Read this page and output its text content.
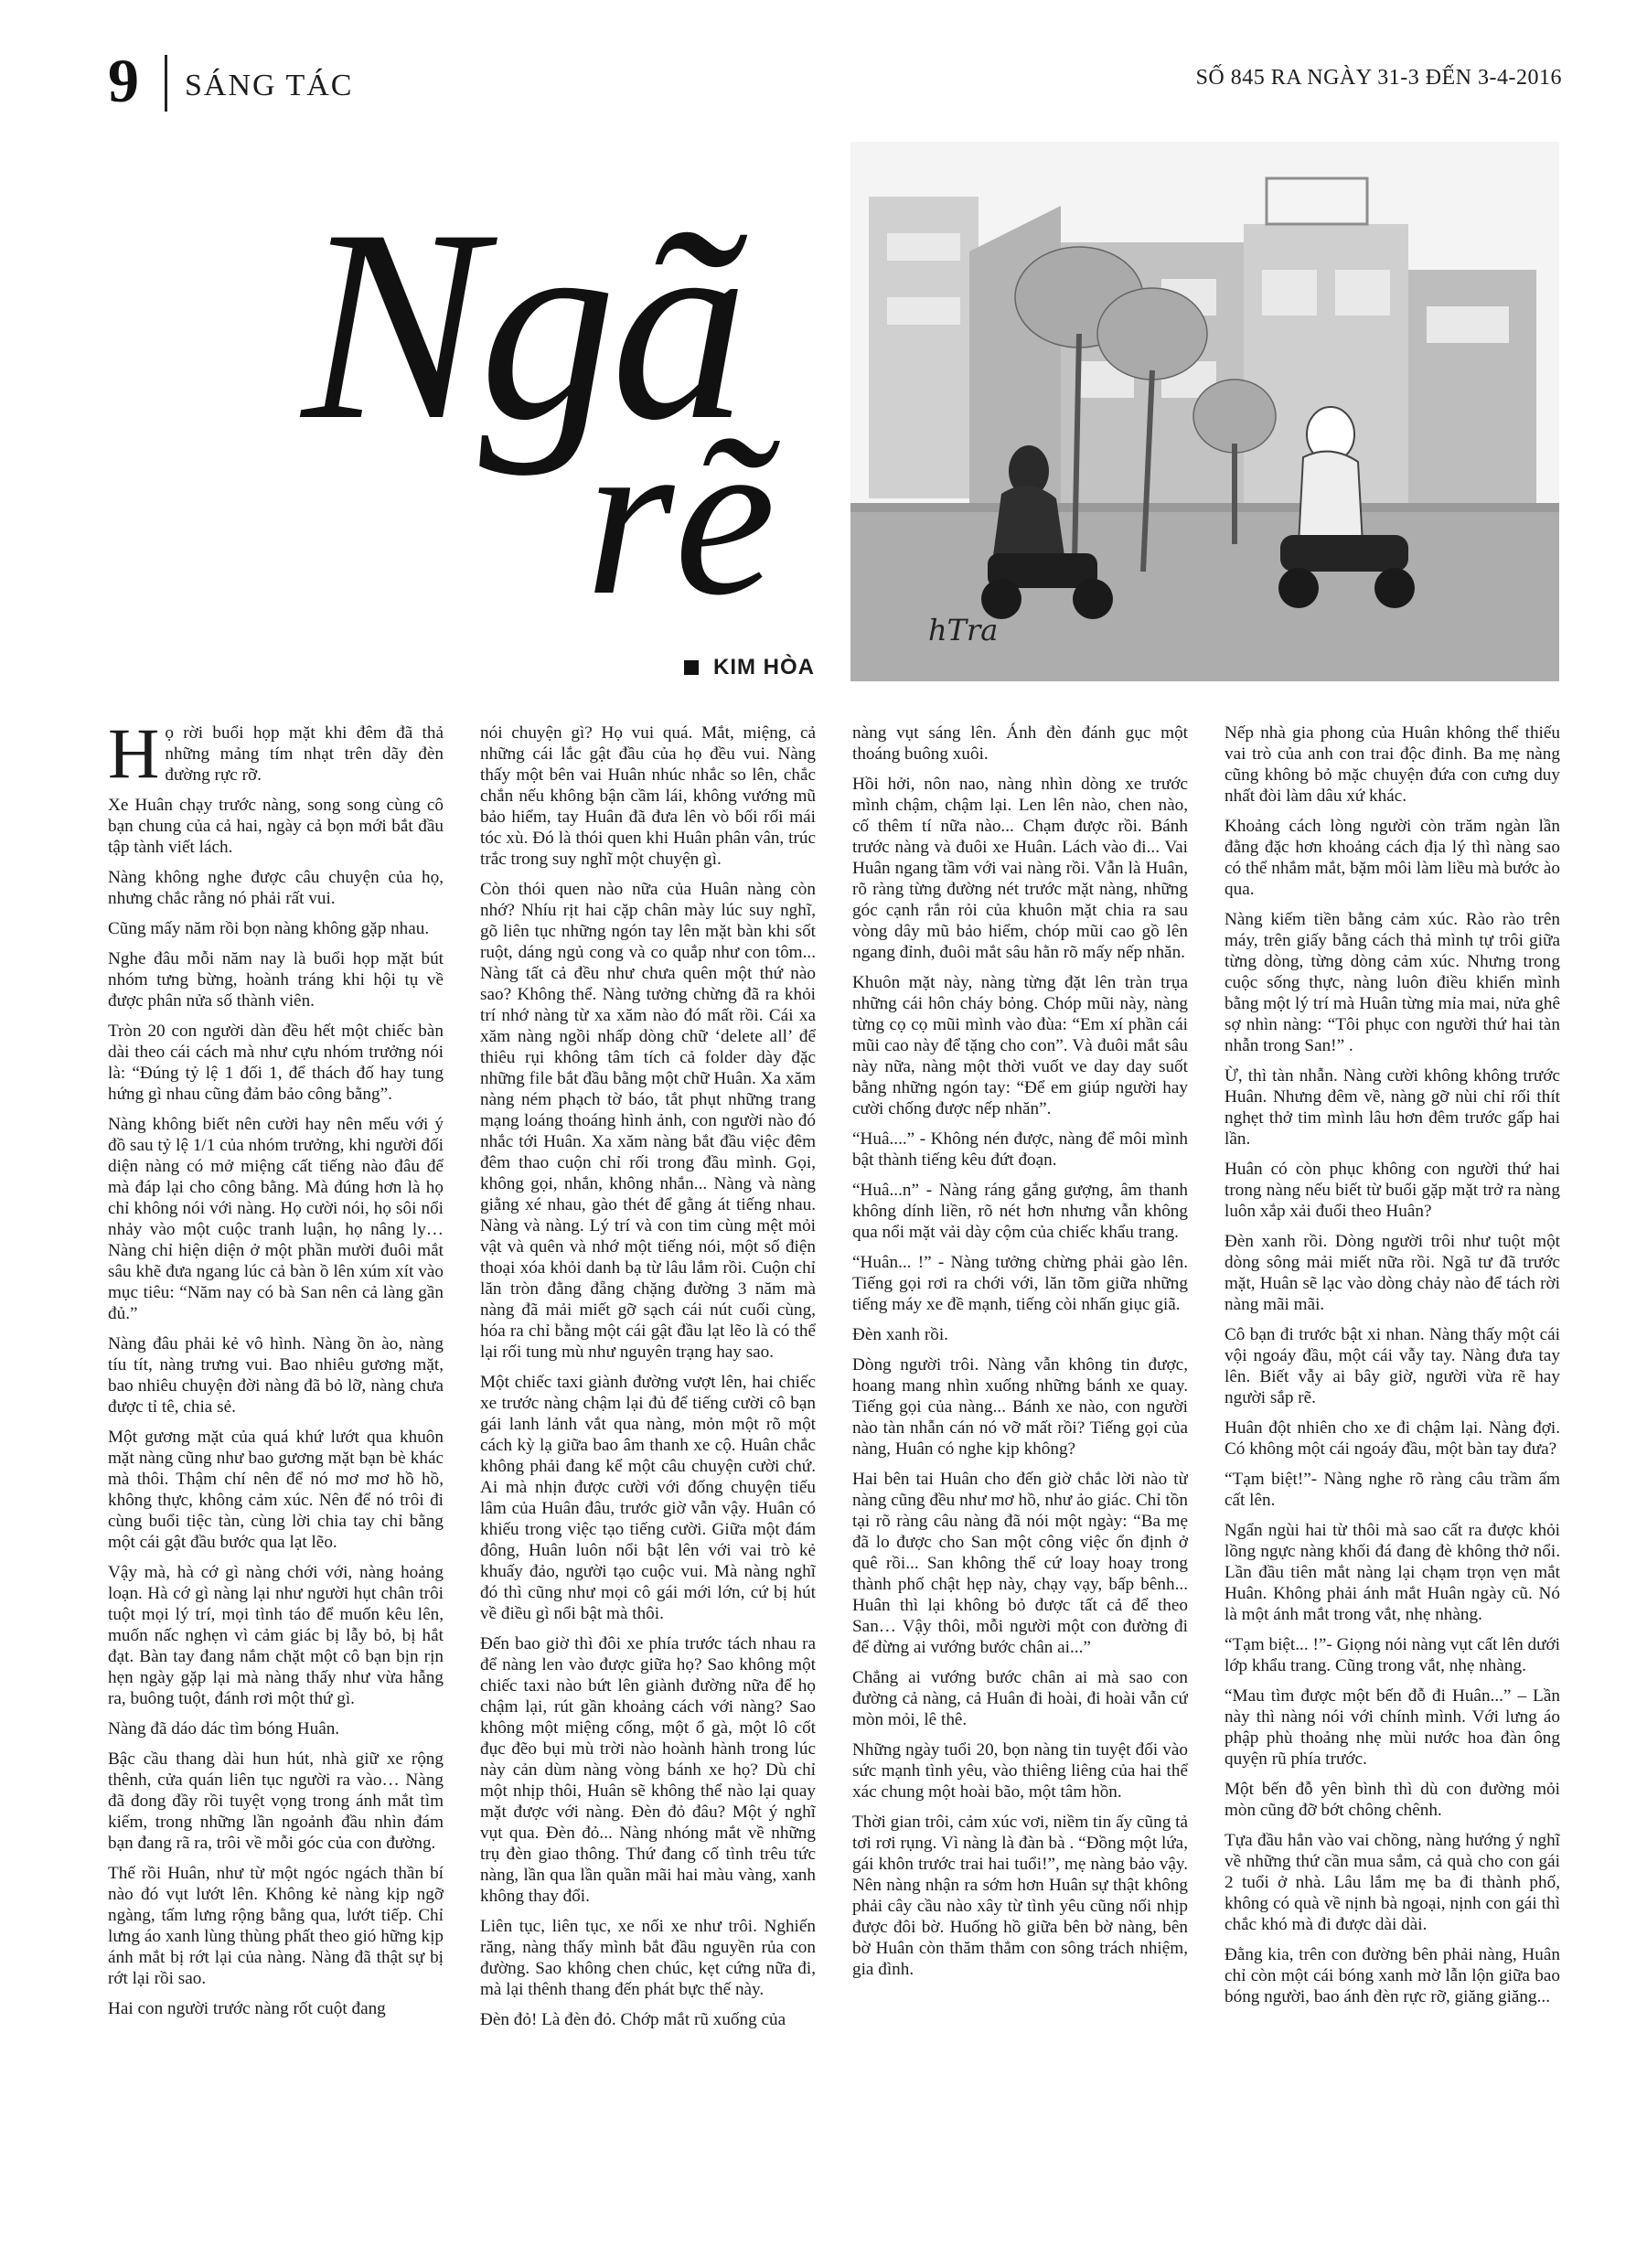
9 SÁNG TÁC	SỐ 845 RA NGÀY 31-3 ĐẾN 3-4-2016
Ngã
rẽ
KIM HÒA
hTra

Họ rời buổi họp mặt khi đêm đã thả những mảng tím nhạt trên dãy đèn đường rực rỡ.

Xe Huân chạy trước nàng, song song cùng cô bạn chung của cả hai, ngày cả bọn mới bắt đầu tập tành viết lách.

Nàng không nghe được câu chuyện của họ, nhưng chắc rằng nó phải rất vui.

Cũng mấy năm rồi bọn nàng không gặp nhau.

Nghe đâu mỗi năm nay là buổi họp mặt bút nhóm tưng bừng, hoành tráng khi hội tụ về được phân nửa số thành viên.

Tròn 20 con người dàn đều hết một chiếc bàn dài theo cái cách mà như cựu nhóm trưởng nói là: “Đúng tỷ lệ 1 đối 1, để thách đố hay tung hứng gì nhau cũng đảm bảo công bằng”.

Nàng không biết nên cười hay nên mếu với ý đồ sau tỷ lệ 1/1 của nhóm trưởng, khi người đối diện nàng có mở miệng cất tiếng nào đâu để mà đáp lại cho công bằng. Mà đúng hơn là họ chỉ không nói với nàng. Họ cười nói, họ sôi nổi nhảy vào một cuộc tranh luận, họ nâng ly… Nàng chỉ hiện diện ở một phần mười đuôi mắt sâu khẽ đưa ngang lúc cả bàn ồ lên xúm xít vào mục tiêu: “Năm nay có bà San nên cả làng gần đủ.”

Nàng đâu phải kẻ vô hình. Nàng ồn ào, nàng tíu tít, nàng trưng vui. Bao nhiêu gương mặt, bao nhiêu chuyện đời nàng đã bỏ lỡ, nàng chưa được tỉ tê, chia sẻ.

Một gương mặt của quá khứ lướt qua khuôn mặt nàng cũng như bao gương mặt bạn bè khác mà thôi. Thậm chí nên để nó mơ mơ hồ hồ, không thực, không cảm xúc. Nên để nó trôi đi cùng buổi tiệc tàn, cùng lời chia tay chỉ bằng một cái gật đầu bước qua lạt lẽo.

Vậy mà, hà cớ gì nàng chới với, nàng hoảng loạn. Hà cớ gì nàng lại như người hụt chân trôi tuột mọi lý trí, mọi tình táo để muốn kêu lên, muốn nấc nghẹn vì cảm giác bị lẫy bỏ, bị hắt đạt. Bàn tay đang nắm chặt một cô bạn bịn rịn hẹn ngày gặp lại mà nàng thấy như vừa hẫng ra, buông tuột, đánh rơi một thứ gì.

Nàng đã dáo dác tìm bóng Huân.

Bậc cầu thang dài hun hút, nhà giữ xe rộng thênh, cửa quán liên tục người ra vào… Nàng đã đong đầy rồi tuyệt vọng trong ánh mắt tìm kiếm, trong những lần ngoảnh đầu nhìn đám bạn đang rã ra, trôi về mỗi góc của con đường.

Thế rồi Huân, như từ một ngóc ngách thần bí nào đó vụt lướt lên. Không kẻ nàng kịp ngỡ ngàng, tấm lưng rộng bằng qua, lướt tiếp. Chỉ lưng áo xanh lùng thùng phất theo gió hững kịp ánh mắt bị rớt lại của nàng. Nàng đã thật sự bị rớt lại rồi sao.

Hai con người trước nàng rốt cuột đang

nói chuyện gì? Họ vui quá. Mắt, miệng, cả những cái lắc gật đầu của họ đều vui. Nàng thấy một bên vai Huân nhúc nhắc so lên, chắc chắn nếu không bận cầm lái, không vướng mũ bảo hiểm, tay Huân đã đưa lên vò bối rối mái tóc xù. Đó là thói quen khi Huân phân vân, trúc trắc trong suy nghĩ một chuyện gì.

Còn thói quen nào nữa của Huân nàng còn nhớ? Nhíu rịt hai cặp chân mày lúc suy nghĩ, gõ liên tục những ngón tay lên mặt bàn khi sốt ruột, dáng ngủ cong và co quắp như con tôm... Nàng tất cả đều như chưa quên một thứ nào sao? Không thể. Nàng tưởng chừng đã ra khỏi trí nhớ nàng từ xa xăm nào đó mất rồi. Cái xa xăm nàng ngồi nhấp dòng chữ ‘delete all’ để thiêu rụi không tâm tích cả folder dày đặc những file bắt đầu bằng một chữ Huân. Xa xăm nàng ném phạch tờ báo, tắt phụt những trang mạng loáng thoáng hình ảnh, con người nào đó nhắc tới Huân. Xa xăm nàng bắt đầu việc đêm đêm thao cuộn chỉ rối trong đầu mình. Gọi, không gọi, nhắn, không nhắn... Nàng và nàng giằng xé nhau, gào thét để gằng át tiếng nhau. Nàng và nàng. Lý trí và con tim cùng mệt mỏi vật và quên và nhớ một tiếng nói, một số điện thoại xóa khỏi danh bạ từ lâu lắm rồi. Cuộn chỉ lăn tròn đằng đẵng chặng đường 3 năm mà nàng đã mải miết gỡ sạch cái nút cuối cùng, hóa ra chỉ bằng một cái gật đầu lạt lẽo là có thể lại rối tung mù như nguyên trạng hay sao.

Một chiếc taxi giành đường vượt lên, hai chiếc xe trước nàng chậm lại đủ để tiếng cười cô bạn gái lanh lảnh vắt qua nàng, mỏn một rõ một cách kỳ lạ giữa bao âm thanh xe cộ. Huân chắc không phải đang kể một câu chuyện cười chứ. Ai mà nhịn được cười với đống chuyện tiếu lâm của Huân đâu, trước giờ vẫn vậy. Huân có khiếu trong việc tạo tiếng cười. Giữa một đám đông, Huân luôn nổi bật lên với vai trò kẻ khuấy đảo, người tạo cuộc vui. Mà nàng nghĩ đó thì cũng như mọi cô gái mới lớn, cứ bị hút về điều gì nổi bật mà thôi.

Đến bao giờ thì đôi xe phía trước tách nhau ra để nàng len vào được giữa họ? Sao không một chiếc taxi nào bứt lên giành đường nữa để họ chậm lại, rút gần khoảng cách với nàng? Sao không một miệng cống, một ổ gà, một lô cốt đục đẽo bụi mù trời nào hoành hành trong lúc này cản dùm nàng vòng bánh xe họ? Dù chỉ một nhịp thôi, Huân sẽ không thể nào lại quay mặt được với nàng. Đèn đỏ đâu? Một ý nghĩ vụt qua. Đèn đỏ... Nàng nhóng mắt về những trụ đèn giao thông. Thứ đang cố tình trêu tức nàng, lần qua lần quần mãi hai màu vàng, xanh không thay đổi.

Liên tục, liên tục, xe nối xe như trôi. Nghiến răng, nàng thấy mình bắt đầu nguyền rủa con đường. Sao không chen chúc, kẹt cứng nữa đi, mà lại thênh thang đến phát bực thế này.

Đèn đỏ! Là đèn đỏ. Chớp mắt rũ xuống của

nàng vụt sáng lên. Ánh đèn đánh gục một thoáng buông xuôi.

Hồi hởi, nôn nao, nàng nhìn dòng xe trước mình chậm, chậm lại. Len lên nào, chen nào, cố thêm tí nữa nào... Chạm được rồi. Bánh trước nàng và đuôi xe Huân. Lách vào đi... Vai Huân ngang tầm với vai nàng rồi. Vẫn là Huân, rõ ràng từng đường nét trước mặt nàng, những góc cạnh rắn rỏi của khuôn mặt chia ra sau vòng dây mũ bảo hiểm, chóp mũi cao gồ lên ngang đỉnh, đuôi mắt sâu hằn rõ mấy nếp nhăn.

Khuôn mặt này, nàng từng đặt lên tràn trụa những cái hôn cháy bỏng. Chóp mũi này, nàng từng cọ cọ mũi mình vào đùa: “Em xí phần cái mũi cao này để tặng cho con”. Và đuôi mắt sâu này nữa, nàng một thời vuốt ve day day suốt bằng những ngón tay: “Để em giúp người hay cười chống được nếp nhăn”.

“Huâ....” - Không nén được, nàng để môi mình bật thành tiếng kêu đứt đoạn.

“Huâ...n” - Nàng ráng gắng gượng, âm thanh không dính liền, rõ nét hơn nhưng vẫn không qua nổi mặt vải dày cộm của chiếc khẩu trang.

“Huân... !” - Nàng tưởng chừng phải gào lên. Tiếng gọi rơi ra chới với, lăn tõm giữa những tiếng máy xe đề mạnh, tiếng còi nhấn giục giã.

Đèn xanh rồi.

Dòng người trôi. Nàng vẫn không tin được, hoang mang nhìn xuống những bánh xe quay. Tiếng gọi của nàng... Bánh xe nào, con người nào tàn nhẫn cán nó vỡ mất rồi? Tiếng gọi của nàng, Huân có nghe kịp không?

Hai bên tai Huân cho đến giờ chắc lời nào từ nàng cũng đều như mơ hồ, như ảo giác. Chỉ tồn tại rõ ràng câu nàng đã nói một ngày: “Ba mẹ đã lo được cho San một công việc ổn định ở quê rồi... San không thể cứ loay hoay trong thành phố chật hẹp này, chạy vạy, bấp bênh... Huân thì lại không bỏ được tất cả để theo San… Vậy thôi, mỗi người một con đường đi để đừng ai vướng bước chân ai...”

Chẳng ai vướng bước chân ai mà sao con đường cả nàng, cả Huân đi hoài, đi hoài vẫn cứ mòn mỏi, lê thê.

Những ngày tuổi 20, bọn nàng tin tuyệt đối vào sức mạnh tình yêu, vào thiêng liêng của hai thể xác chung một hoài bão, một tâm hồn.

Thời gian trôi, cảm xúc vơi, niềm tin ấy cũng tả tơi rơi rụng. Vì nàng là đàn bà . “Đồng một lứa, gái khôn trước trai hai tuổi!”, mẹ nàng bảo vậy. Nên nàng nhận ra sớm hơn Huân sự thật không phải cây cầu nào xây từ tình yêu cũng nối nhịp được đôi bờ. Huống hồ giữa bên bờ nàng, bên bờ Huân còn thăm thẳm con sông trách nhiệm, gia đình.

Nếp nhà gia phong của Huân không thể thiếu vai trò của anh con trai độc đinh. Ba mẹ nàng cũng không bỏ mặc chuyện đứa con cưng duy nhất đòi làm dâu xứ khác.

Khoảng cách lòng người còn trăm ngàn lần đằng đặc hơn khoảng cách địa lý thì nàng sao có thể nhắm mắt, bặm môi làm liều mà bước ào qua.

Nàng kiếm tiền bằng cảm xúc. Rào rào trên máy, trên giấy bằng cách thả mình tự trôi giữa từng dòng, từng dòng cảm xúc. Nhưng trong cuộc sống thực, nàng luôn điều khiển mình bằng một lý trí mà Huân từng mỉa mai, nửa ghê sợ nhìn nàng: “Tôi phục con người thứ hai tàn nhẫn trong San!” .

Ừ, thì tàn nhẫn. Nàng cười không không trước Huân. Nhưng đêm về, nàng gỡ nùi chỉ rối thít nghẹt thở tim mình lâu hơn đêm trước gấp hai lần.

Huân có còn phục không con người thứ hai trong nàng nếu biết từ buổi gặp mặt trở ra nàng luôn xắp xải đuổi theo Huân?

Đèn xanh rồi. Dòng người trôi như tuột một dòng sông mải miết nữa rồi. Ngã tư đã trước mặt, Huân sẽ lạc vào dòng chảy nào để tách rời nàng mãi mãi.

Cô bạn đi trước bật xi nhan. Nàng thấy một cái vội ngoáy đầu, một cái vẫy tay. Nàng đưa tay lên. Biết vẫy ai bây giờ, người vừa rẽ hay người sắp rẽ.

Huân đột nhiên cho xe đi chậm lại. Nàng đợi. Có không một cái ngoáy đầu, một bàn tay đưa?

“Tạm biệt!”- Nàng nghe rõ ràng câu trầm ấm cất lên.

Ngẩn ngùi hai từ thôi mà sao cất ra được khỏi lồng ngực nàng khối đá đang đè không thở nổi. Lần đầu tiên mắt nàng lại chạm trọn vẹn mắt Huân. Không phải ánh mắt Huân ngày cũ. Nó là một ánh mắt trong vắt, nhẹ nhàng.

“Tạm biệt... !”- Giọng nói nàng vụt cất lên dưới lớp khẩu trang. Cũng trong vắt, nhẹ nhàng.

“Mau tìm được một bến đỗ đi Huân...” – Lần này thì nàng nói với chính mình. Với lưng áo phập phù thoảng nhẹ mùi nước hoa đàn ông quyện rũ phía trước.

Một bến đỗ yên bình thì dù con đường mỏi mòn cũng đỡ bớt chông chênh.

Tựa đầu hẳn vào vai chồng, nàng hướng ý nghĩ về những thứ cần mua sắm, cả quà cho con gái 2 tuổi ở nhà. Lâu lắm mẹ ba đi thành phố, không có quà về nịnh bà ngoại, nịnh con gái thì chắc khó mà đi được dài dài.

Đằng kia, trên con đường bên phải nàng, Huân chỉ còn một cái bóng xanh mờ lẫn lộn giữa bao bóng người, bao ánh đèn rực rỡ, giăng giăng...
